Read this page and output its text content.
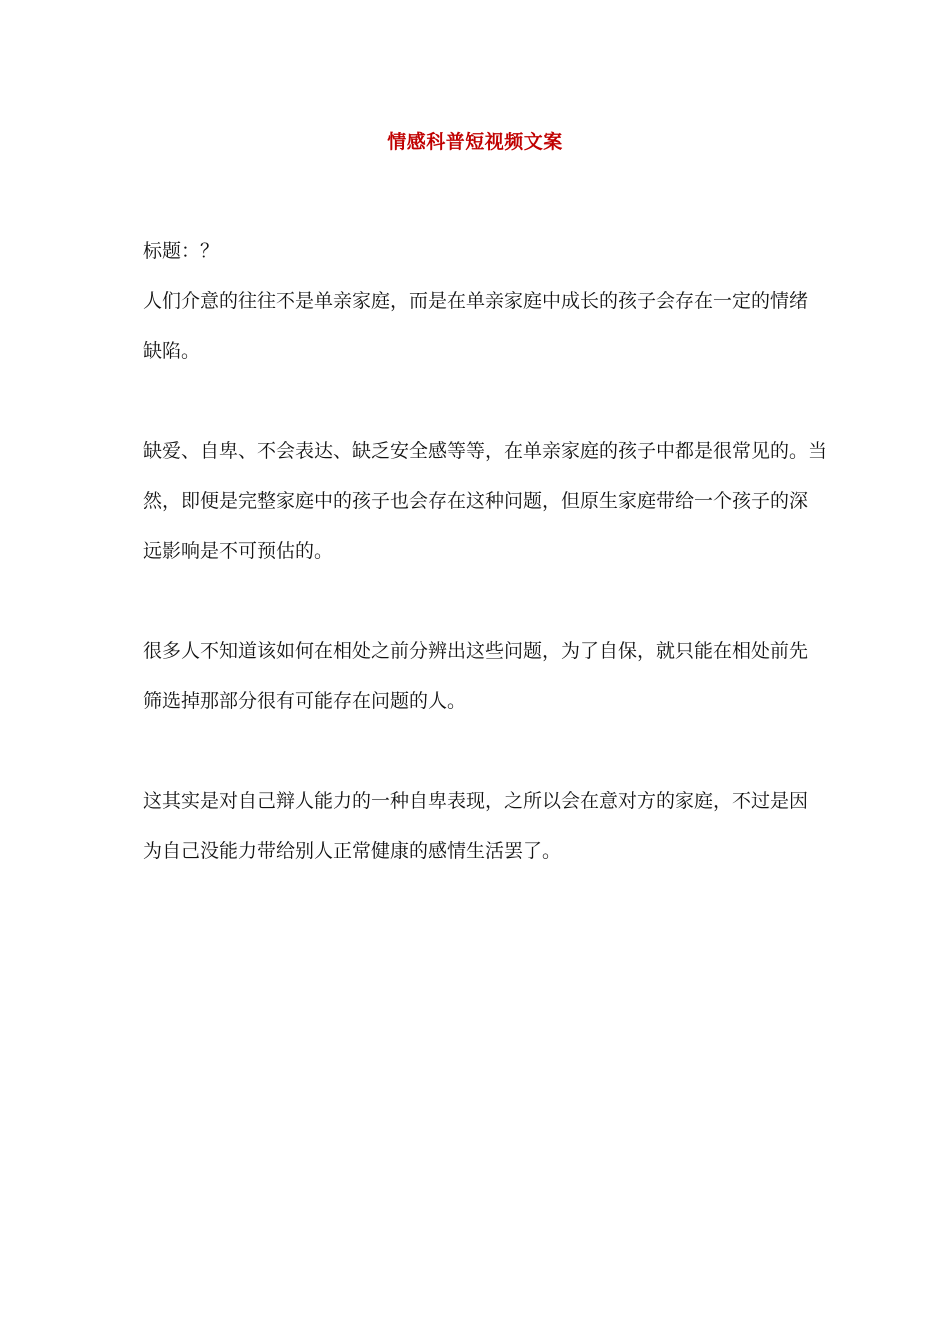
情感科普短视频文案

标题：？

人们介意的往往不是单亲家庭，而是在单亲家庭中成长的孩子会存在一定的情绪

缺陷。

缺爱、自卑、不会表达、缺乏安全感等等，在单亲家庭的孩子中都是很常见的。当

然，即便是完整家庭中的孩子也会存在这种问题，但原生家庭带给一个孩子的深

远影响是不可预估的。

很多人不知道该如何在相处之前分辨出这些问题，为了自保，就只能在相处前先

筛选掉那部分很有可能存在问题的人。

这其实是对自己辩人能力的一种自卑表现，之所以会在意对方的家庭，不过是因

为自己没能力带给别人正常健康的感情生活罢了。
